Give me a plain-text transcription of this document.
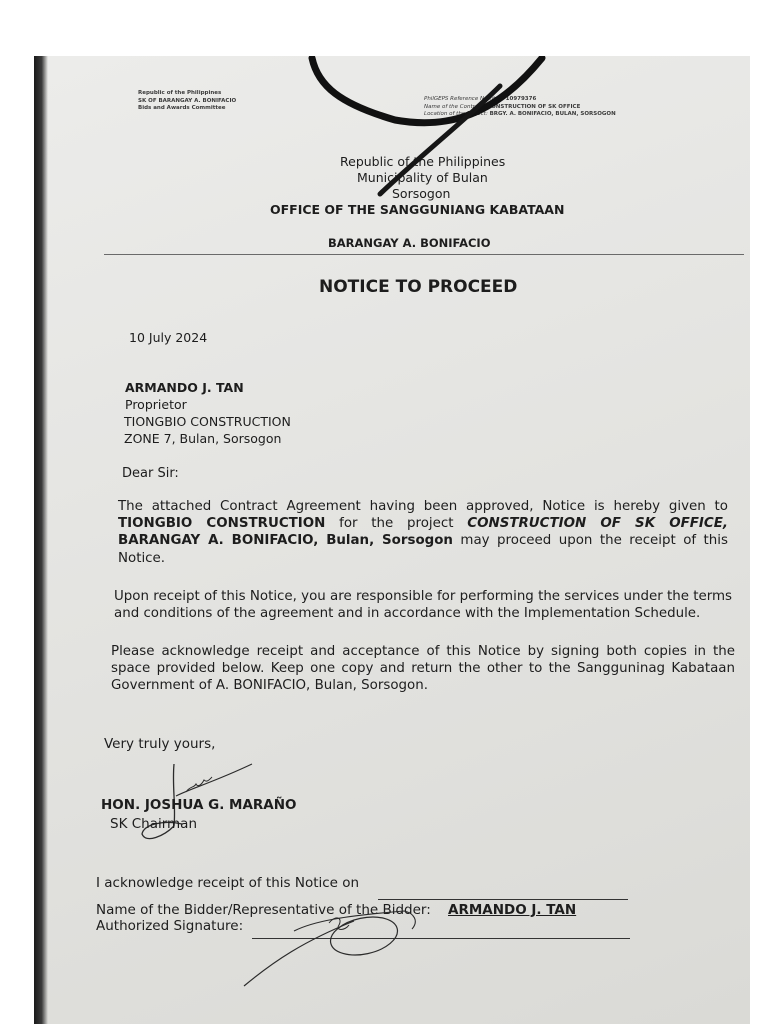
Republic of the Philippines
SK OF BARANGAY A. BONIFACIO
Bids and Awards Committee
PhilGEPS Reference Number: 10979376
Name of the Contract: CONSTRUCTION OF SK OFFICE
Location of the Project: BRGY. A. BONIFACIO, BULAN, SORSOGON
Republic of the Philippines
Municipality of Bulan
Sorsogon
OFFICE OF THE SANGGUNIANG KABATAAN
BARANGAY A. BONIFACIO
NOTICE TO PROCEED
10 July 2024
ARMANDO J. TAN
Proprietor
TIONGBIO CONSTRUCTION
ZONE 7, Bulan, Sorsogon
Dear Sir:
The attached Contract Agreement having been approved, Notice is hereby given to TIONGBIO CONSTRUCTION for the project CONSTRUCTION OF SK OFFICE, BARANGAY A. BONIFACIO, Bulan, Sorsogon may proceed upon the receipt of this Notice.
Upon receipt of this Notice, you are responsible for performing the services under the terms and conditions of the agreement and in accordance with the Implementation Schedule.
Please acknowledge receipt and acceptance of this Notice by signing both copies in the space provided below. Keep one copy and return the other to the Sangguninag Kabataan Government of A. BONIFACIO, Bulan, Sorsogon.
Very truly yours,
HON. JOSHUA G. MARAÑO
SK Chairman
I acknowledge receipt of this Notice on
Name of the Bidder/Representative of the Bidder: ARMANDO J. TAN
Authorized Signature:
